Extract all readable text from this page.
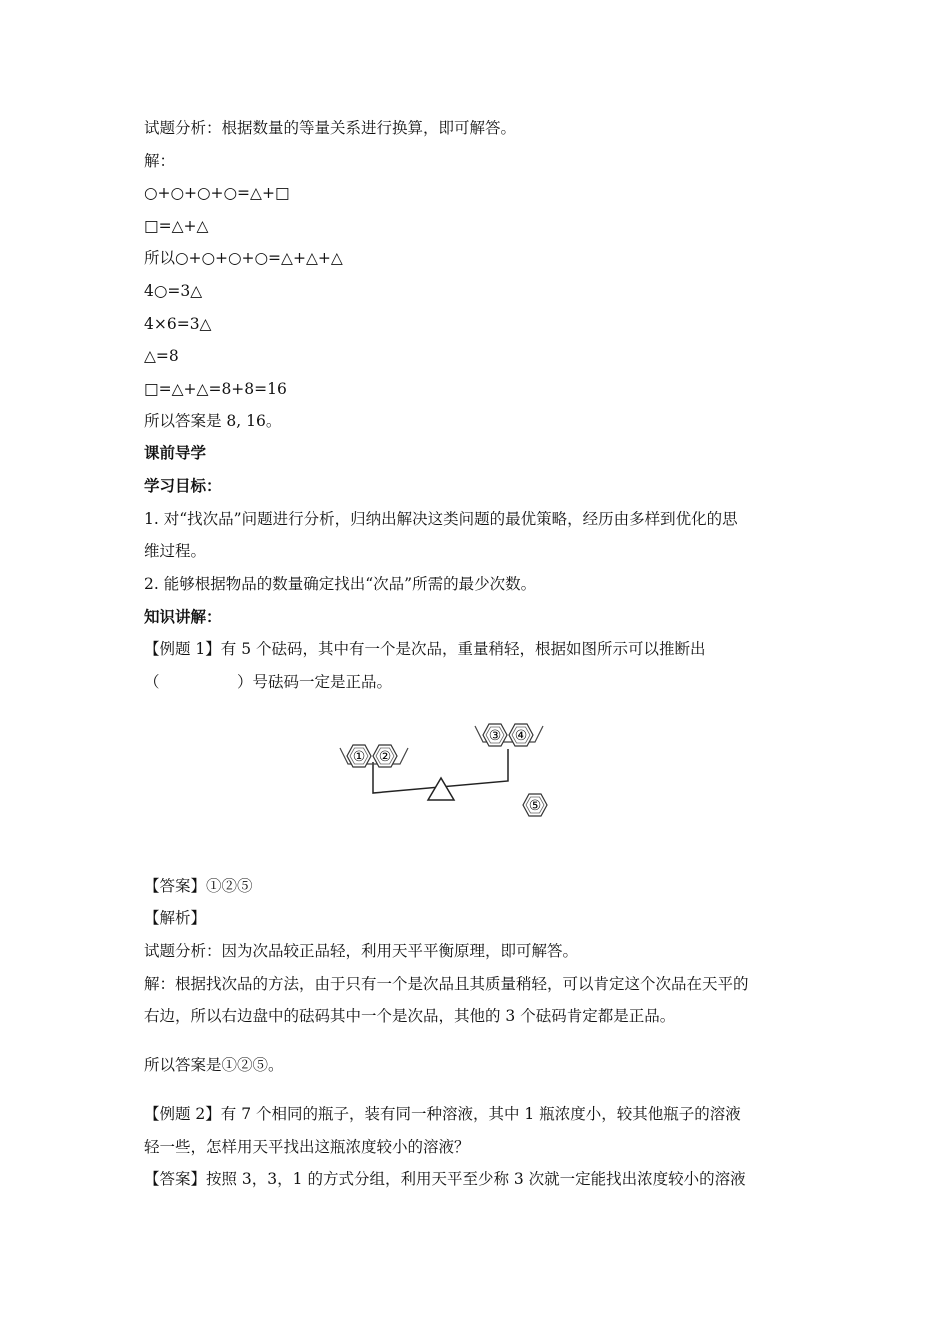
试题分析：根据数量的等量关系进行换算，即可解答。
解：
○+○+○+○=△+□
□=△+△
所以○+○+○+○=△+△+△
4○=3△
4×6=3△
△=8
□=△+△=8+8=16
所以答案是 8, 16。
课前导学
学习目标：
1. 对“找次品”问题进行分析，归纳出解决这类问题的最优策略，经历由多样到优化的思
维过程。
2. 能够根据物品的数量确定找出“次品”所需的最少次数。
知识讲解：
【例题 1】有 5 个砝码，其中有一个是次品，重量稍轻，根据如图所示可以推断出
（　　　　　）号砝码一定是正品。
① ②
③ ④
⑤
【答案】①②⑤
【解析】
试题分析：因为次品较正品轻，利用天平平衡原理，即可解答。
解：根据找次品的方法，由于只有一个是次品且其质量稍轻，可以肯定这个次品在天平的
右边，所以右边盘中的砝码其中一个是次品，其他的 3 个砝码肯定都是正品。
所以答案是①②⑤。
【例题 2】有 7 个相同的瓶子，装有同一种溶液，其中 1 瓶浓度小，较其他瓶子的溶液
轻一些，怎样用天平找出这瓶浓度较小的溶液？
【答案】按照 3，3，1 的方式分组，利用天平至少称 3 次就一定能找出浓度较小的溶液
